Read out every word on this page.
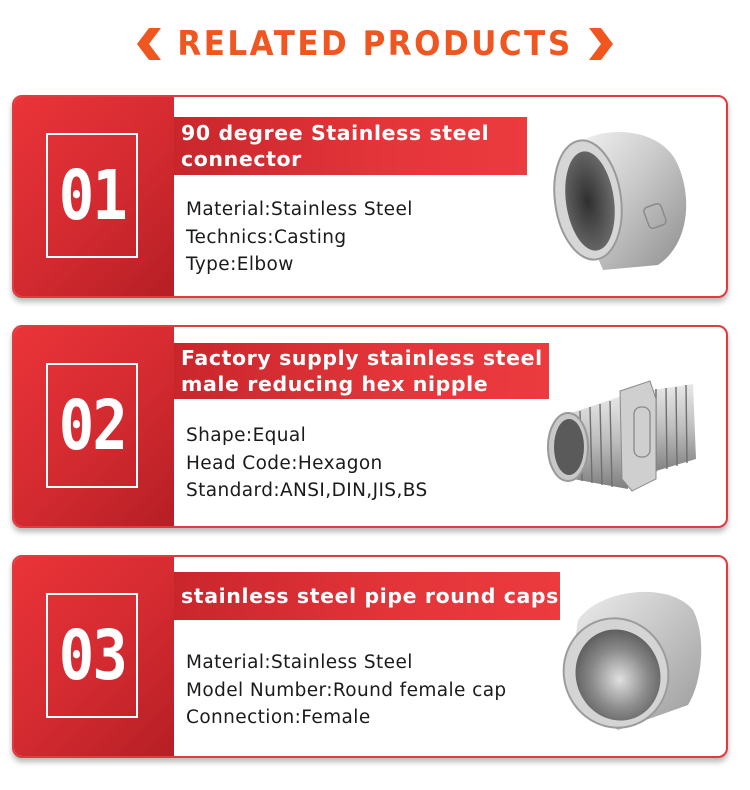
RELATED PRODUCTS
01
90 degree Stainless steel
connector
Material:Stainless Steel
Technics:Casting
Type:Elbow
02
Factory supply stainless steel
male reducing hex nipple
Shape:Equal
Head Code:Hexagon
Standard:ANSI,DIN,JIS,BS
03
stainless steel pipe round caps
Material:Stainless Steel
Model Number:Round female cap
Connection:Female
